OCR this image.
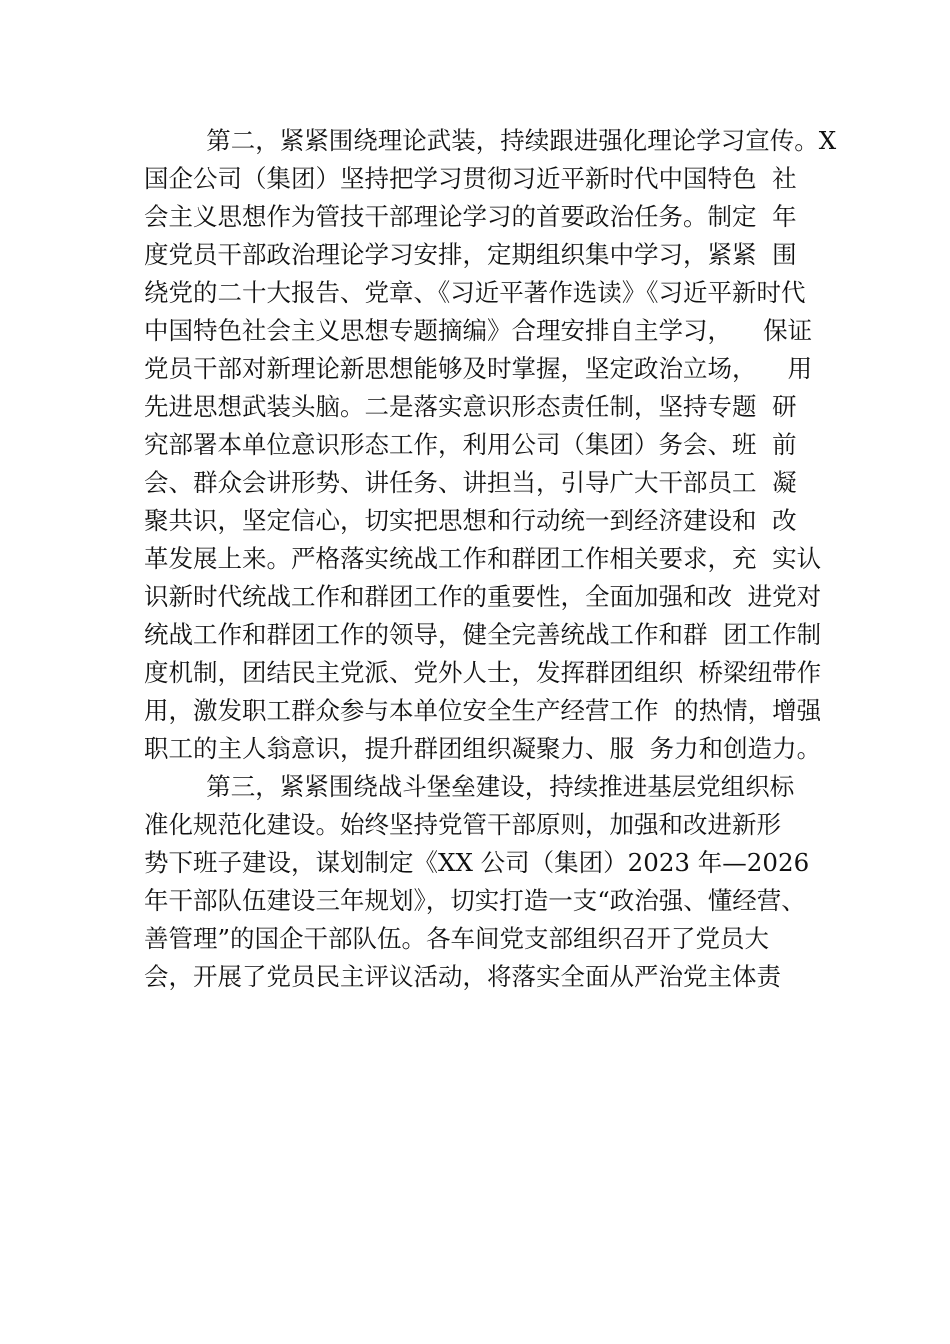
第二，紧紧围绕理论武装，持续跟进强化理论学习宣传。X
国企公司（集团）坚持把学习贯彻习近平新时代中国特色  社
会主义思想作为管技干部理论学习的首要政治任务。制定  年
度党员干部政治理论学习安排，定期组织集中学习，紧紧  围
绕党的二十大报告、党章、《习近平著作选读》《习近平新时代
中国特色社会主义思想专题摘编》合理安排自主学习，    保证
党员干部对新理论新思想能够及时掌握，坚定政治立场，    用
先进思想武装头脑。二是落实意识形态责任制，坚持专题  研
究部署本单位意识形态工作，利用公司（集团）务会、班  前
会、群众会讲形势、讲任务、讲担当，引导广大干部员工  凝
聚共识，坚定信心，切实把思想和行动统一到经济建设和  改
革发展上来。严格落实统战工作和群团工作相关要求，充  实认
识新时代统战工作和群团工作的重要性，全面加强和改  进党对
统战工作和群团工作的领导，健全完善统战工作和群  团工作制
度机制，团结民主党派、党外人士，发挥群团组织  桥梁纽带作
用，激发职工群众参与本单位安全生产经营工作  的热情，增强
职工的主人翁意识，提升群团组织凝聚力、服  务力和创造力。
第三，紧紧围绕战斗堡垒建设，持续推进基层党组织标
准化规范化建设。始终坚持党管干部原则，加强和改进新形
势下班子建设，谋划制定《XX 公司（集团）2023 年—2026
年干部队伍建设三年规划》，切实打造一支“政治强、懂经营、
善管理”的国企干部队伍。各车间党支部组织召开了党员大
会，开展了党员民主评议活动，将落实全面从严治党主体责
